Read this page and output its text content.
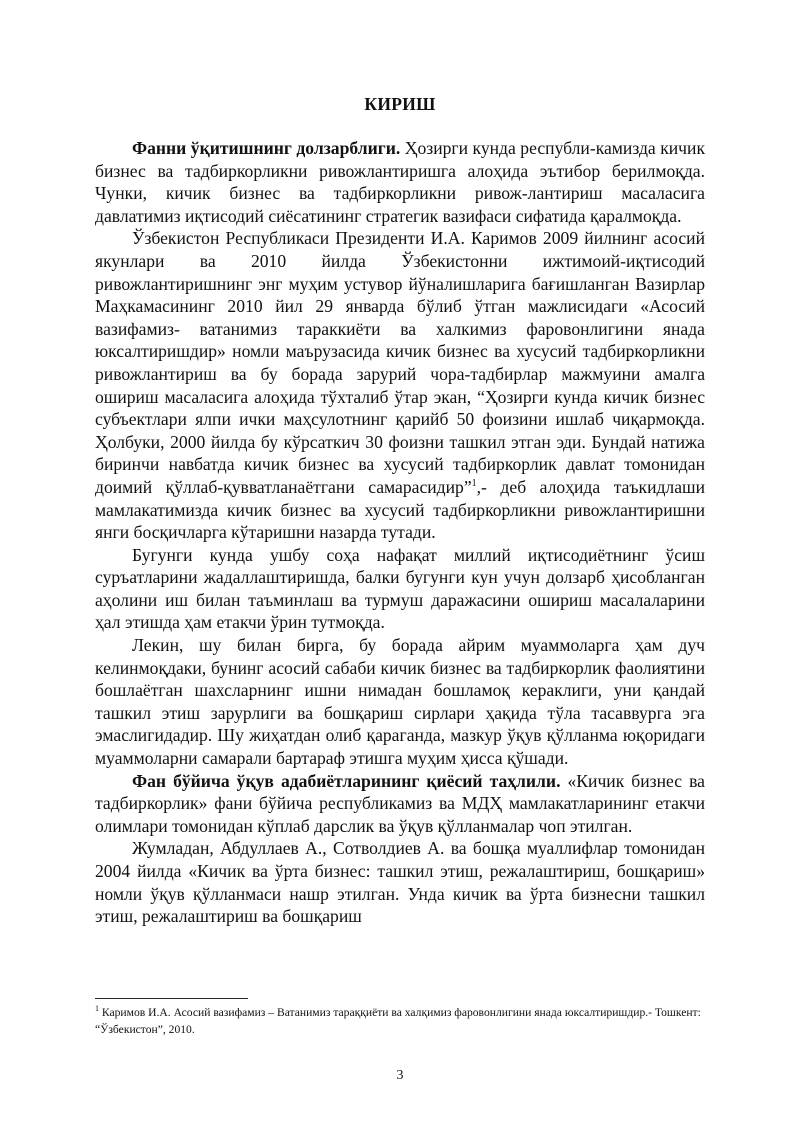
КИРИШ

Фанни ўқитишнинг долзарблиги. Ҳозирги кунда республи-камизда кичик бизнес ва тадбиркорликни ривожлантиришга алоҳида эътибор берилмоқда. Чунки, кичик бизнес ва тадбиркорликни ривож-лантириш масаласига давлатимиз иқтисодий сиёсатининг стратегик вазифаси сифатида қаралмоқда.

Ўзбекистон Республикаси Президенти И.А. Каримов 2009 йилнинг асосий якунлари ва 2010 йилда Ўзбекистонни ижтимоий-иқтисодий ривожлантиришнинг энг муҳим устувор йўналишларига бағишланган Вазирлар Маҳкамасининг 2010 йил 29 январда бўлиб ўтган мажлисидаги «Асосий вазифамиз- ватанимиз тараккиёти ва халкимиз фаровонлигини янада юксалтиришдир» номли маърузасида кичик бизнес ва хусусий тадбиркорликни ривожлантириш ва бу борада зарурий чора-тадбирлар мажмуини амалга ошириш масаласига алоҳида тўхталиб ўтар экан, “Ҳозирги кунда кичик бизнес субъектлари ялпи ички маҳсулотнинг қарийб 50 фоизини ишлаб чиқармоқда. Ҳолбуки, 2000 йилда бу кўрсаткич 30 фоизни ташкил этган эди. Бундай натижа биринчи навбатда кичик бизнес ва хусусий тадбиркорлик давлат томонидан доимий қўллаб-қувватланаётгани самарасидир”$^1$,- деб алоҳида таъкидлаши мамлакатимизда кичик бизнес ва хусусий тадбиркорликни ривожлантиришни янги босқичларга кўтаришни назарда тутади.

Бугунги кунда ушбу соҳа нафақат миллий иқтисодиётнинг ўсиш суръатларини жадаллаштиришда, балки бугунги кун учун долзарб ҳисобланган аҳолини иш билан таъминлаш ва турмуш даражасини ошириш масалаларини ҳал этишда ҳам етакчи ўрин тутмоқда.

Лекин, шу билан бирга, бу борада айрим муаммоларга ҳам дуч келинмоқдаки, бунинг асосий сабаби кичик бизнес ва тадбиркорлик фаолиятини бошлаётган шахсларнинг ишни нимадан бошламоқ кераклиги, уни қандай ташкил этиш зарурлиги ва бошқариш сирлари ҳақида тўла тасаввурга эга эмаслигидадир. Шу жиҳатдан олиб қараганда, мазкур ўқув қўлланма юқоридаги муаммоларни самарали бартараф этишга муҳим ҳисса қўшади.

Фан бўйича ўқув адабиётларининг қиёсий таҳлили. «Кичик бизнес ва тадбиркорлик» фани бўйича республикамиз ва МДҲ мамлакатларининг етакчи олимлари томонидан кўплаб дарслик ва ўқув қўлланмалар чоп этилган.

Жумладан, Абдуллаев А., Сотволдиев А. ва бошқа муаллифлар томонидан 2004 йилда «Кичик ва ўрта бизнес: ташкил этиш, режалаштириш, бошқариш» номли ўқув қўлланмаси нашр этилган. Унда кичик ва ўрта бизнесни ташкил этиш, режалаштириш ва бошқариш

$^1$ Каримов И.А. Асосий вазифамиз – Ватанимиз тараққиёти ва халқимиз фаровонлигини янада юксалтиришдир.- Тошкент: “Ўзбекистон”, 2010.
3
